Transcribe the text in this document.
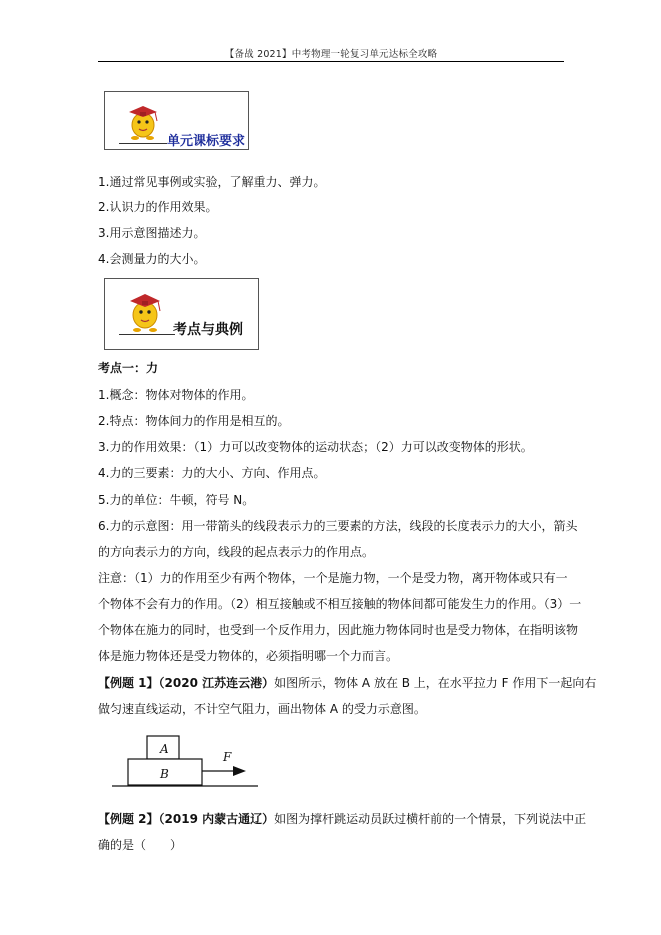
【备战 2021】中考物理一轮复习单元达标全攻略
单元课标要求
1.通过常见事例或实验，了解重力、弹力。
2.认识力的作用效果。
3.用示意图描述力。
4.会测量力的大小。
考点与典例
考点一：力
1.概念：物体对物体的作用。
2.特点：物体间力的作用是相互的。
3.力的作用效果：（1）力可以改变物体的运动状态；（2）力可以改变物体的形状。
4.力的三要素：力的大小、方向、作用点。
5.力的单位：牛顿，符号 N。
6.力的示意图：用一带箭头的线段表示力的三要素的方法，线段的长度表示力的大小，箭头
的方向表示力的方向，线段的起点表示力的作用点。
注意：（1）力的作用至少有两个物体，一个是施力物，一个是受力物，离开物体或只有一
个物体不会有力的作用。（2）相互接触或不相互接触的物体间都可能发生力的作用。（3）一
个物体在施力的同时，也受到一个反作用力，因此施力物体同时也是受力物体，在指明该物
体是施力物体还是受力物体的，必须指明哪一个力而言。
【例题 1】（2020 江苏连云港）如图所示，物体 A 放在 B 上，在水平拉力 F 作用下一起向右
做匀速直线运动，不计空气阻力，画出物体 A 的受力示意图。
A
B
F
【例题 2】（2019 内蒙古通辽）如图为撑杆跳运动员跃过横杆前的一个情景，下列说法中正
确的是（　　）
